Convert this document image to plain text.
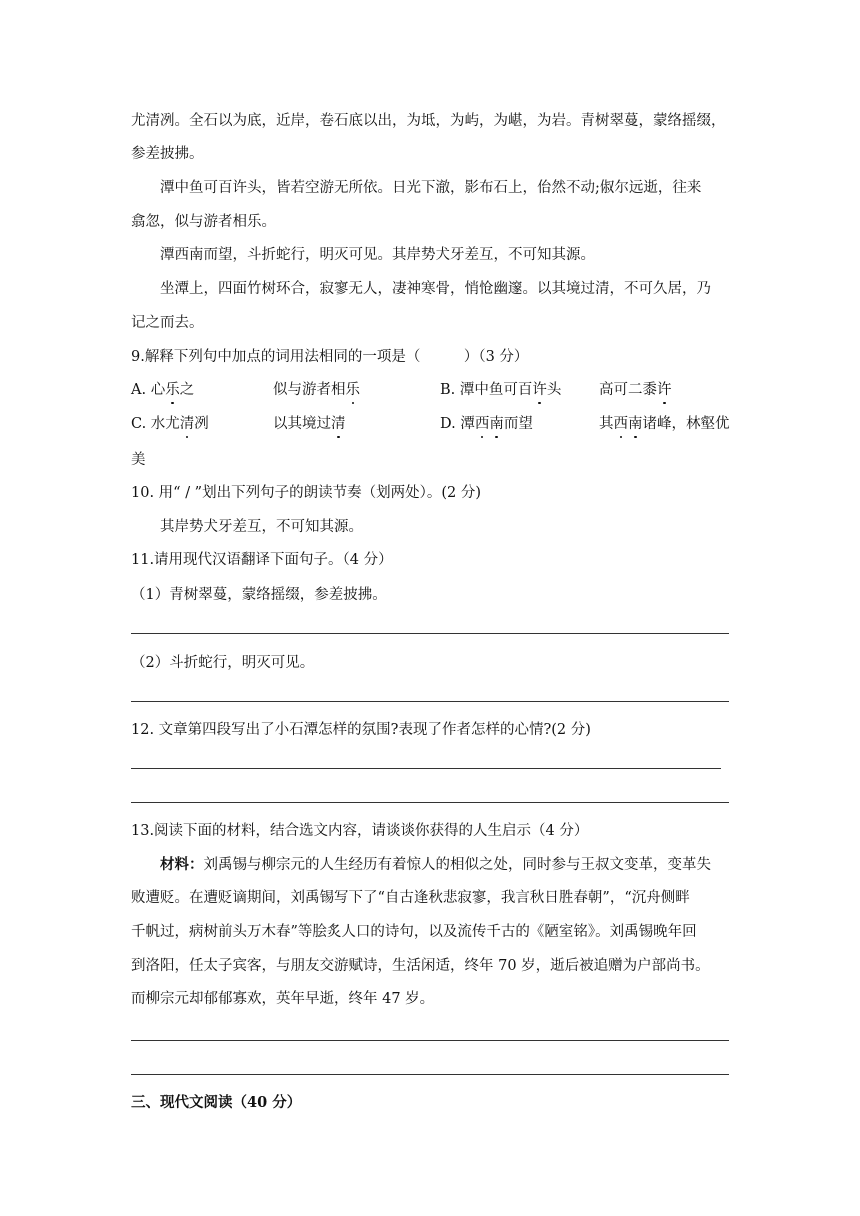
尤清冽。全石以为底，近岸，卷石底以出，为坻，为屿，为嵁，为岩。青树翠蔓，蒙络摇缀，
参差披拂。
潭中鱼可百许头，皆若空游无所依。日光下澈，影布石上，佁然不动;俶尔远逝，往来
翕忽，似与游者相乐。
潭西南而望，斗折蛇行，明灭可见。其岸势犬牙差互，不可知其源。
坐潭上，四面竹树环合，寂寥无人，凄神寒骨，悄怆幽邃。以其境过清，不可久居，乃
记之而去。
9.解释下列句中加点的词用法相同的一项是（　　　）（3 分）
A. 心乐之	似与游者相乐	B. 潭中鱼可百许头	高可二黍许
C. 水尤清冽	以其境过清	D. 潭西南而望	其西南诸峰，林壑优
美
10. 用“ / ”划出下列句子的朗读节奏（划两处）。(2 分)
其岸势犬牙差互，不可知其源。
11.请用现代汉语翻译下面句子。（4 分）
（1）青树翠蔓，蒙络摇缀，参差披拂。
（2）斗折蛇行，明灭可见。
12. 文章第四段写出了小石潭怎样的氛围?表现了作者怎样的心情?(2 分)
13.阅读下面的材料，结合选文内容，请谈谈你获得的人生启示（4 分）
材料：刘禹锡与柳宗元的人生经历有着惊人的相似之处，同时参与王叔文变革，变革失
败遭贬。在遭贬谪期间，刘禹锡写下了“自古逢秋悲寂寥，我言秋日胜春朝”，“沉舟侧畔
千帆过，病树前头万木春”等脍炙人口的诗句，以及流传千古的《陋室铭》。刘禹锡晚年回
到洛阳，任太子宾客，与朋友交游赋诗，生活闲适，终年 70 岁，逝后被追赠为户部尚书。
而柳宗元却郁郁寡欢，英年早逝，终年 47 岁。
三、现代文阅读（40 分）
